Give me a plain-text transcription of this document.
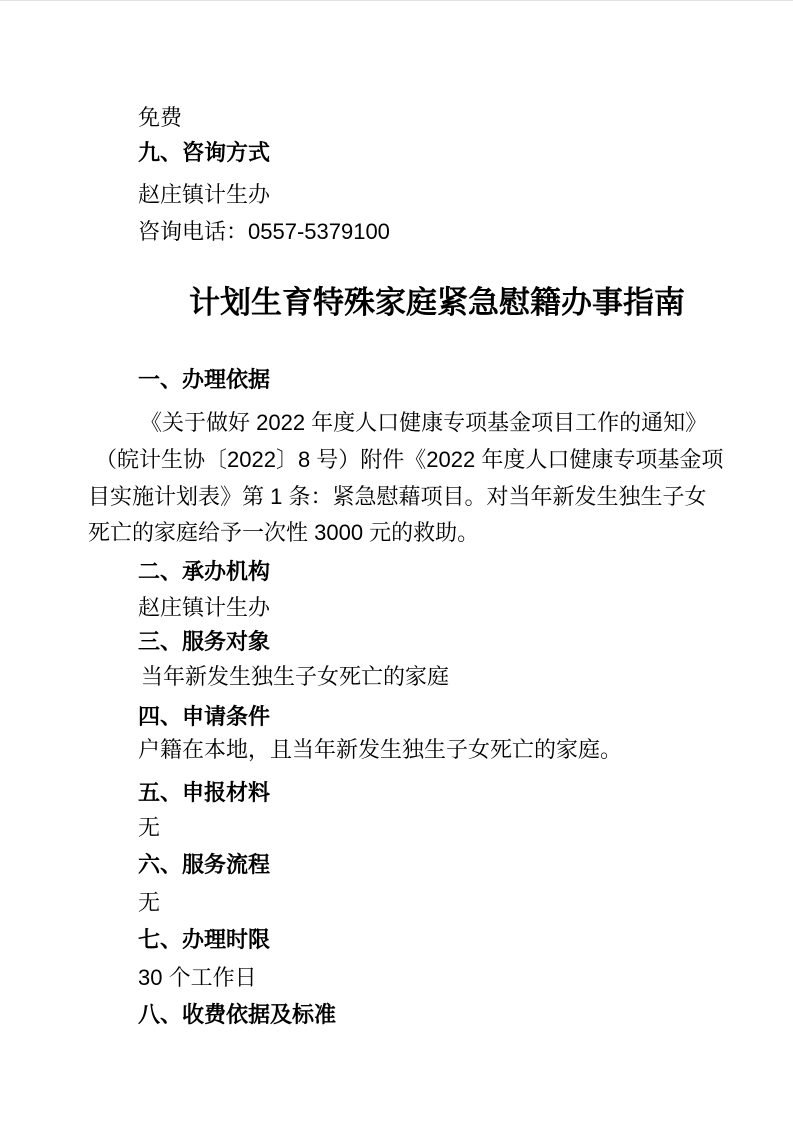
免费
九、咨询方式
赵庄镇计生办
咨询电话：0557-5379100
计划生育特殊家庭紧急慰籍办事指南
一、办理依据
《关于做好 2022 年度人口健康专项基金项目工作的通知》
（皖计生协〔2022〕8 号）附件《2022 年度人口健康专项基金项
目实施计划表》第 1 条：紧急慰藉项目。对当年新发生独生子女
死亡的家庭给予一次性 3000 元的救助。
二、承办机构
赵庄镇计生办
三、服务对象
当年新发生独生子女死亡的家庭
四、申请条件
户籍在本地，且当年新发生独生子女死亡的家庭。
五、申报材料
无
六、服务流程
无
七、办理时限
30 个工作日
八、收费依据及标准
